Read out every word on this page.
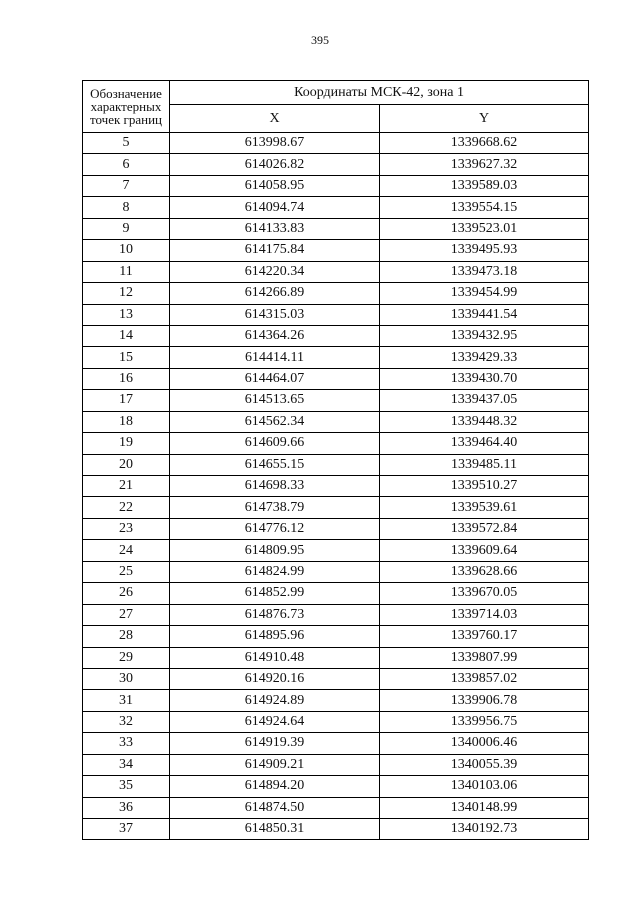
395
Обозначение характерных точек границ	Координаты МСК-42, зона 1	
	X	Y
5	613998.67	1339668.62
6	614026.82	1339627.32
7	614058.95	1339589.03
8	614094.74	1339554.15
9	614133.83	1339523.01
10	614175.84	1339495.93
11	614220.34	1339473.18
12	614266.89	1339454.99
13	614315.03	1339441.54
14	614364.26	1339432.95
15	614414.11	1339429.33
16	614464.07	1339430.70
17	614513.65	1339437.05
18	614562.34	1339448.32
19	614609.66	1339464.40
20	614655.15	1339485.11
21	614698.33	1339510.27
22	614738.79	1339539.61
23	614776.12	1339572.84
24	614809.95	1339609.64
25	614824.99	1339628.66
26	614852.99	1339670.05
27	614876.73	1339714.03
28	614895.96	1339760.17
29	614910.48	1339807.99
30	614920.16	1339857.02
31	614924.89	1339906.78
32	614924.64	1339956.75
33	614919.39	1340006.46
34	614909.21	1340055.39
35	614894.20	1340103.06
36	614874.50	1340148.99
37	614850.31	1340192.73
